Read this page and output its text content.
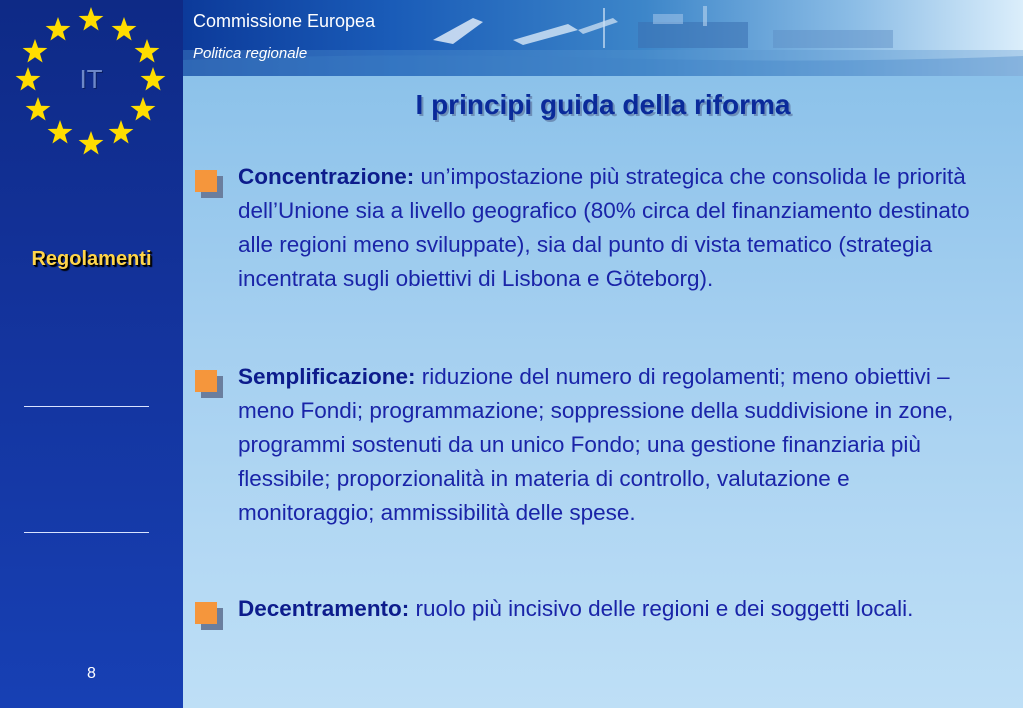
IT
Regolamenti
8
Commissione Europea
Politica regionale
I principi guida della riforma
Concentrazione: un’impostazione più strategica che consolida le priorità dell’Unione sia a livello geografico (80% circa del finanziamento destinato alle regioni meno sviluppate), sia dal punto di vista tematico (strategia incentrata sugli obiettivi di Lisbona e Göteborg).
Semplificazione: riduzione del numero di regolamenti; meno obiettivi – meno Fondi; programmazione; soppressione della suddivisione in zone, programmi sostenuti da un unico Fondo; una gestione finanziaria più flessibile; proporzionalità in materia di controllo, valutazione e monitoraggio; ammissibilità delle spese.
Decentramento: ruolo più incisivo delle regioni e dei soggetti locali.
